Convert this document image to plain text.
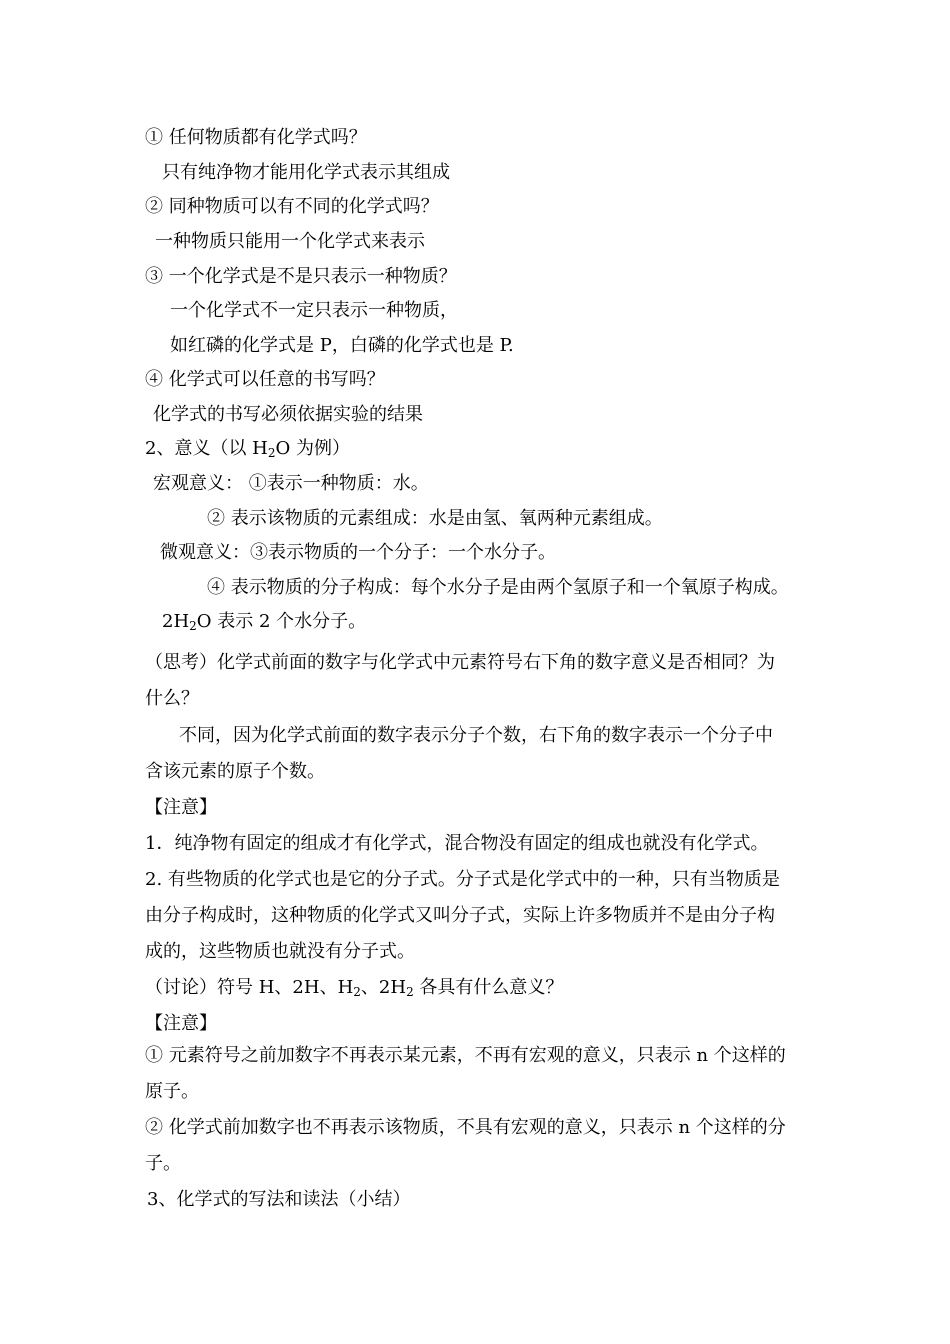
① 任何物质都有化学式吗？
只有纯净物才能用化学式表示其组成
② 同种物质可以有不同的化学式吗？
一种物质只能用一个化学式来表示
③ 一个化学式是不是只表示一种物质？
一个化学式不一定只表示一种物质，
如红磷的化学式是 P，白磷的化学式也是 P.
④ 化学式可以任意的书写吗？
化学式的书写必须依据实验的结果
2、意义（以 $H_2O$ 为例）
宏观意义： ①表示一种物质：水。
② 表示该物质的元素组成：水是由氢、氧两种元素组成。
微观意义：③表示物质的一个分子：一个水分子。
④ 表示物质的分子构成：每个水分子是由两个氢原子和一个氧原子构成。
$2H_2O$ 表示 2 个水分子。
（思考）化学式前面的数字与化学式中元素符号右下角的数字意义是否相同？为
什么？
不同，因为化学式前面的数字表示分子个数，右下角的数字表示一个分子中
含该元素的原子个数。
【注意】
1．纯净物有固定的组成才有化学式，混合物没有固定的组成也就没有化学式。
2. 有些物质的化学式也是它的分子式。分子式是化学式中的一种，只有当物质是
由分子构成时，这种物质的化学式又叫分子式，实际上许多物质并不是由分子构
成的，这些物质也就没有分子式。
（讨论）符号 H、2H、$H_2$、$2H_2$ 各具有什么意义？
【注意】
① 元素符号之前加数字不再表示某元素，不再有宏观的意义，只表示 n 个这样的
原子。
② 化学式前加数字也不再表示该物质，不具有宏观的意义，只表示 n 个这样的分
子。
3、化学式的写法和读法（小结）
